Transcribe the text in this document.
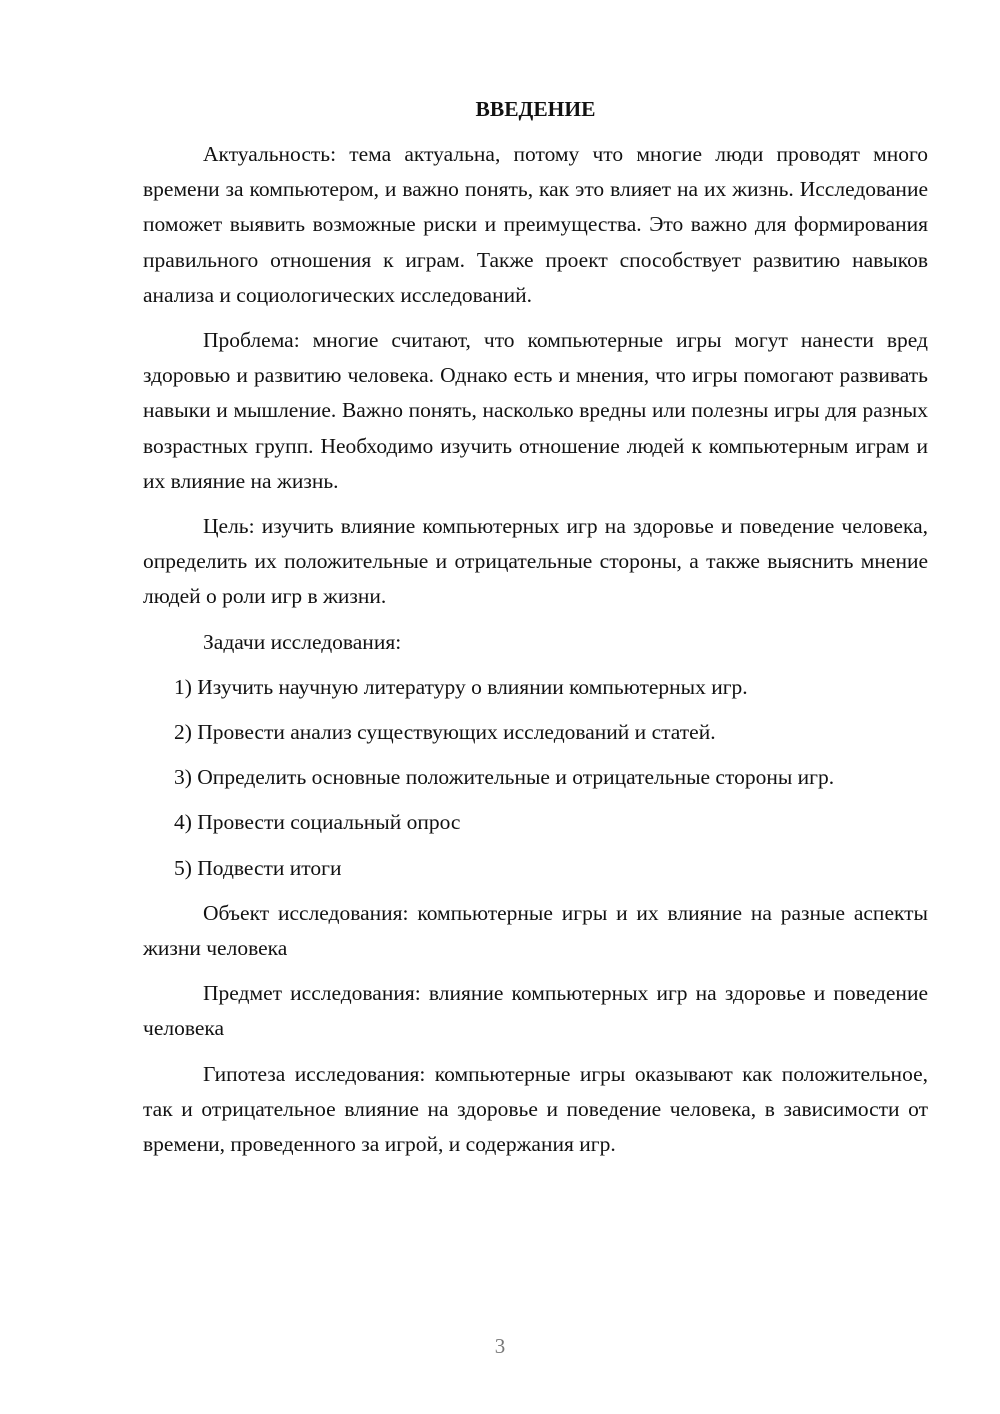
ВВЕДЕНИЕ

Актуальность: тема актуальна, потому что многие люди проводят много времени за компьютером, и важно понять, как это влияет на их жизнь. Исследование поможет выявить возможные риски и преимущества. Это важно для формирования правильного отношения к играм. Также проект способствует развитию навыков анализа и социологических исследований.

Проблема: многие считают, что компьютерные игры могут нанести вред здоровью и развитию человека. Однако есть и мнения, что игры помогают развивать навыки и мышление. Важно понять, насколько вредны или полезны игры для разных возрастных групп. Необходимо изучить отношение людей к компьютерным играм и их влияние на жизнь.

Цель: изучить влияние компьютерных игр на здоровье и поведение человека, определить их положительные и отрицательные стороны, а также выяснить мнение людей о роли игр в жизни.

Задачи исследования:

1) Изучить научную литературу о влиянии компьютерных игр.

2) Провести анализ существующих исследований и статей.

3) Определить основные положительные и отрицательные стороны игр.

4) Провести социальный опрос

5) Подвести итоги

Объект исследования: компьютерные игры и их влияние на разные аспекты жизни человека

Предмет исследования: влияние компьютерных игр на здоровье и поведение человека

Гипотеза исследования: компьютерные игры оказывают как положительное, так и отрицательное влияние на здоровье и поведение человека, в зависимости от времени, проведенного за игрой, и содержания игр.

3
